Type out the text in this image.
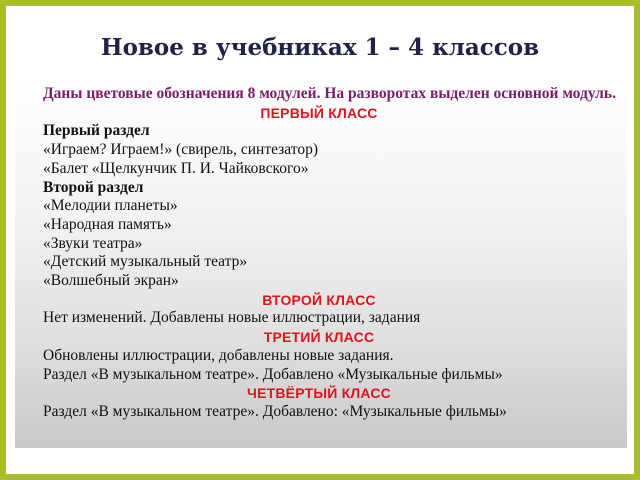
Новое в учебниках 1 – 4 классов
Даны цветовые обозначения 8 модулей. На разворотах выделен основной модуль.
ПЕРВЫЙ КЛАСС
Первый раздел
«Играем? Играем!» (свирель, синтезатор)
«Балет «Щелкунчик П. И. Чайковского»
Второй раздел
«Мелодии планеты»
«Народная память»
«Звуки театра»
«Детский музыкальный театр»
«Волшебный экран»
ВТОРОЙ КЛАСС
Нет изменений. Добавлены новые иллюстрации, задания
ТРЕТИЙ КЛАСС
Обновлены иллюстрации, добавлены новые задания.
Раздел «В музыкальном театре». Добавлено «Музыкальные фильмы»
ЧЕТВЁРТЫЙ КЛАСС
Раздел «В музыкальном театре». Добавлено: «Музыкальные фильмы»
